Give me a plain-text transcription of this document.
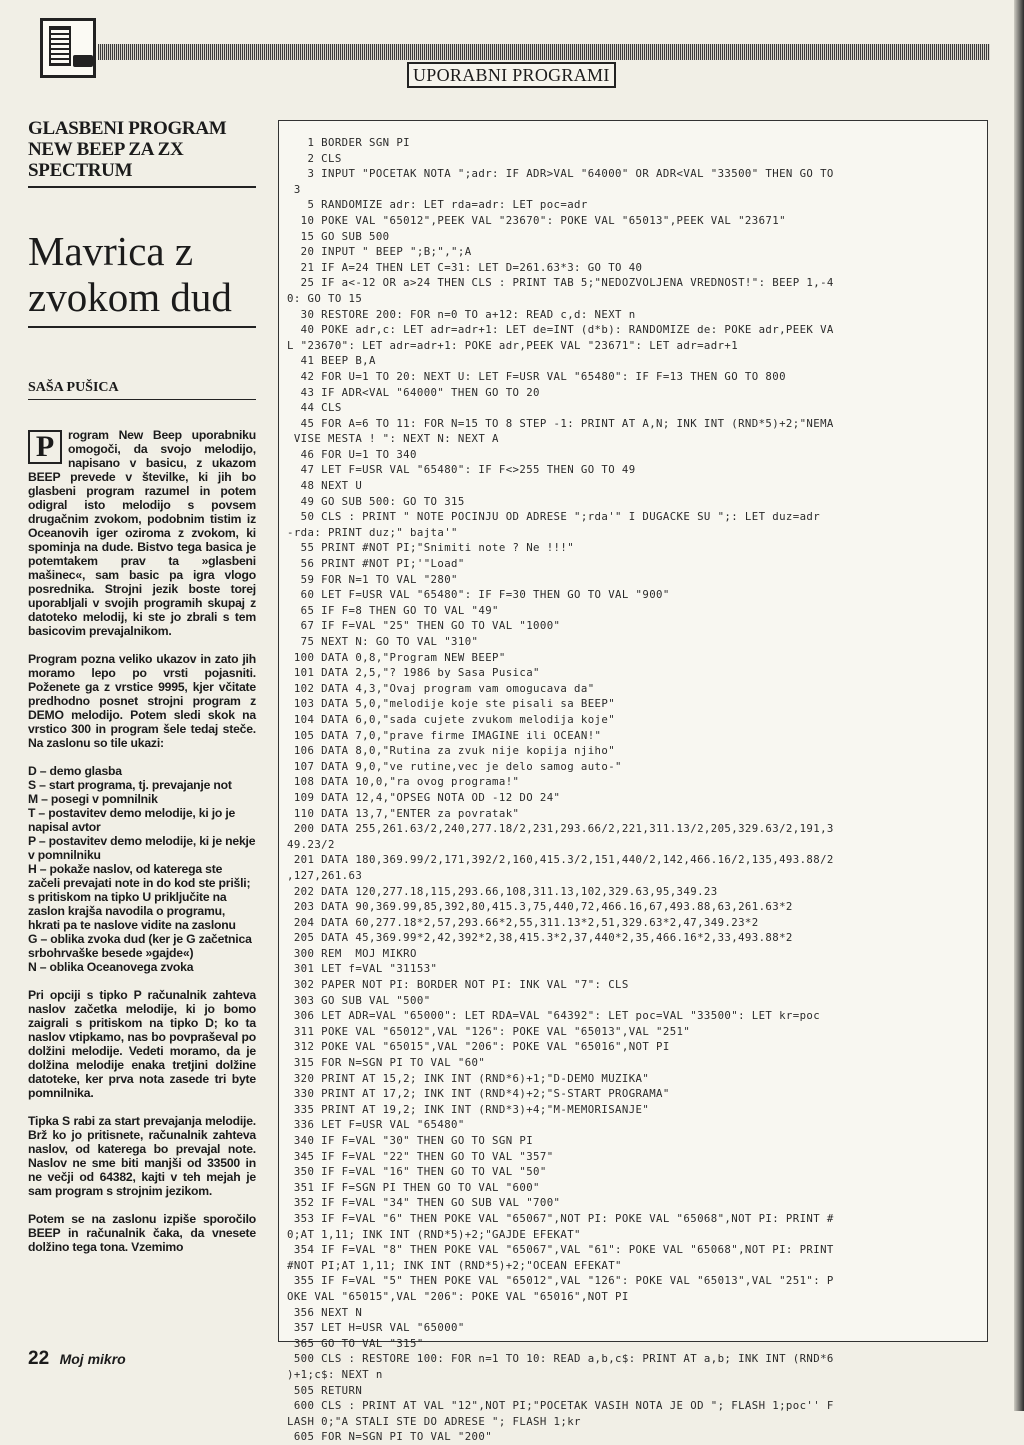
UPORABNI PROGRAMI
GLASBENI PROGRAM NEW BEEP ZA ZX SPECTRUM
Mavrica z zvokom dud
SAŠA PUŠICA

P	rogram New Beep uporabniku omogoči, da svojo melodijo, napisano v basicu, z ukazom BEEP prevede v številke, ki jih bo glasbeni program razumel in potem odigral isto melodijo s povsem drugačnim zvokom, podobnim tistim iz Oceanovih iger oziroma z zvokom, ki spominja na dude. Bistvo tega basica je potemtakem prav ta »glasbeni mašinec«, sam basic pa igra vlogo posrednika. Strojni jezik boste torej uporabljali v svojih programih skupaj z datoteko melodij, ki ste jo zbrali s tem basicovim prevajalnikom.

Program pozna veliko ukazov in zato jih moramo lepo po vrsti pojasniti. Poženete ga z vrstice 9995, kjer včitate predhodno posnet strojni program z DEMO melodijo. Potem sledi skok na vrstico 300 in program šele tedaj steče. Na zaslonu so tile ukazi:

D – demo glasba
S – start programa, tj. prevajanje not
M – posegi v pomnilnik
T – postavitev demo melodije, ki jo je napisal avtor
P – postavitev demo melodije, ki je nekje v pomnilniku
H – pokaže naslov, od katerega ste začeli prevajati note in do kod ste prišli; s pritiskom na tipko U priključite na zaslon krajša navodila o programu, hkrati pa te naslove vidite na zaslonu
G – oblika zvoka dud (ker je G začetnica srbohrvaške besede »gajde«)
N – oblika Oceanovega zvoka

Pri opciji s tipko P računalnik zahteva naslov začetka melodije, ki jo bomo zaigrali s pritiskom na tipko D; ko ta naslov vtipkamo, nas bo povpraševal po dolžini melodije. Vedeti moramo, da je dolžina melodije enaka tretjini dolžine datoteke, ker prva nota zasede tri byte pomnilnika.

Tipka S rabi za start prevajanja melodije. Brž ko jo pritisnete, računalnik zahteva naslov, od katerega bo prevajal note. Naslov ne sme biti manjši od 33500 in ne večji od 64382, kajti v teh mejah je sam program s strojnim jezikom.

Potem se na zaslonu izpiše sporočilo BEEP in računalnik čaka, da vnesete dolžino tega tona. Vzemimo

22 Moj mikro
1 BORDER SGN PI
2 CLS
3 INPUT "POCETAK NOTA ";adr: IF ADR>VAL "64000" OR ADR<VAL "33500" THEN GO TO
3
5 RANDOMIZE adr: LET rda=adr: LET poc=adr
10 POKE VAL "65012",PEEK VAL "23670": POKE VAL "65013",PEEK VAL "23671"
15 GO SUB 500
20 INPUT " BEEP ";B;",";A
21 IF A=24 THEN LET C=31: LET D=261.63*3: GO TO 40
25 IF a<-12 OR a>24 THEN CLS : PRINT TAB 5;"NEDOZVOLJENA VREDNOST!": BEEP 1,-4
0: GO TO 15
30 RESTORE 200: FOR n=0 TO a+12: READ c,d: NEXT n
40 POKE adr,c: LET adr=adr+1: LET de=INT (d*b): RANDOMIZE de: POKE adr,PEEK VA
L "23670": LET adr=adr+1: POKE adr,PEEK VAL "23671": LET adr=adr+1
41 BEEP B,A
42 FOR U=1 TO 20: NEXT U: LET F=USR VAL "65480": IF F=13 THEN GO TO 800
43 IF ADR<VAL "64000" THEN GO TO 20
44 CLS
45 FOR A=6 TO 11: FOR N=15 TO 8 STEP -1: PRINT AT A,N; INK INT (RND*5)+2;"NEMA
VISE MESTA ! ": NEXT N: NEXT A
46 FOR U=1 TO 340
47 LET F=USR VAL "65480": IF F<>255 THEN GO TO 49
48 NEXT U
49 GO SUB 500: GO TO 315
50 CLS : PRINT " NOTE POCINJU OD ADRESE ";rda'" I DUGACKE SU ";: LET duz=adr
-rda: PRINT duz;" bajta'"
55 PRINT #NOT PI;"Snimiti note ? Ne !!!"
56 PRINT #NOT PI;'"Load"
59 FOR N=1 TO VAL "280"
60 LET F=USR VAL "65480": IF F=30 THEN GO TO VAL "900"
65 IF F=8 THEN GO TO VAL "49"
67 IF F=VAL "25" THEN GO TO VAL "1000"
75 NEXT N: GO TO VAL "310"
100 DATA 0,8,"Program NEW BEEP"
101 DATA 2,5,"? 1986 by Sasa Pusica"
102 DATA 4,3,"Ovaj program vam omogucava da"
103 DATA 5,0,"melodije koje ste pisali sa BEEP"
104 DATA 6,0,"sada cujete zvukom melodija koje"
105 DATA 7,0,"prave firme IMAGINE ili OCEAN!"
106 DATA 8,0,"Rutina za zvuk nije kopija njiho"
107 DATA 9,0,"ve rutine,vec je delo samog auto-"
108 DATA 10,0,"ra ovog programa!"
109 DATA 12,4,"OPSEG NOTA OD -12 DO 24"
110 DATA 13,7,"ENTER za povratak"
200 DATA 255,261.63/2,240,277.18/2,231,293.66/2,221,311.13/2,205,329.63/2,191,3
49.23/2
201 DATA 180,369.99/2,171,392/2,160,415.3/2,151,440/2,142,466.16/2,135,493.88/2
,127,261.63
202 DATA 120,277.18,115,293.66,108,311.13,102,329.63,95,349.23
203 DATA 90,369.99,85,392,80,415.3,75,440,72,466.16,67,493.88,63,261.63*2
204 DATA 60,277.18*2,57,293.66*2,55,311.13*2,51,329.63*2,47,349.23*2
205 DATA 45,369.99*2,42,392*2,38,415.3*2,37,440*2,35,466.16*2,33,493.88*2
300 REM  MOJ MIKRO
301 LET f=VAL "31153"
302 PAPER NOT PI: BORDER NOT PI: INK VAL "7": CLS
303 GO SUB VAL "500"
306 LET ADR=VAL "65000": LET RDA=VAL "64392": LET poc=VAL "33500": LET kr=poc
311 POKE VAL "65012",VAL "126": POKE VAL "65013",VAL "251"
312 POKE VAL "65015",VAL "206": POKE VAL "65016",NOT PI
315 FOR N=SGN PI TO VAL "60"
320 PRINT AT 15,2; INK INT (RND*6)+1;"D-DEMO MUZIKA"
330 PRINT AT 17,2; INK INT (RND*4)+2;"S-START PROGRAMA"
335 PRINT AT 19,2; INK INT (RND*3)+4;"M-MEMORISANJE"
336 LET F=USR VAL "65480"
340 IF F=VAL "30" THEN GO TO SGN PI
345 IF F=VAL "22" THEN GO TO VAL "357"
350 IF F=VAL "16" THEN GO TO VAL "50"
351 IF F=SGN PI THEN GO TO VAL "600"
352 IF F=VAL "34" THEN GO SUB VAL "700"
353 IF F=VAL "6" THEN POKE VAL "65067",NOT PI: POKE VAL "65068",NOT PI: PRINT #
0;AT 1,11; INK INT (RND*5)+2;"GAJDE EFEKAT"
354 IF F=VAL "8" THEN POKE VAL "65067",VAL "61": POKE VAL "65068",NOT PI: PRINT
#NOT PI;AT 1,11; INK INT (RND*5)+2;"OCEAN EFEKAT"
355 IF F=VAL "5" THEN POKE VAL "65012",VAL "126": POKE VAL "65013",VAL "251": P
OKE VAL "65015",VAL "206": POKE VAL "65016",NOT PI
356 NEXT N
357 LET H=USR VAL "65000"
365 GO TO VAL "315"
500 CLS : RESTORE 100: FOR n=1 TO 10: READ a,b,c$: PRINT AT a,b; INK INT (RND*6
)+1;c$: NEXT n
505 RETURN
600 CLS : PRINT AT VAL "12",NOT PI;"POCETAK VASIH NOTA JE OD "; FLASH 1;poc'' F
LASH 0;"A STALI STE DO ADRESE "; FLASH 1;kr
605 FOR N=SGN PI TO VAL "200"
